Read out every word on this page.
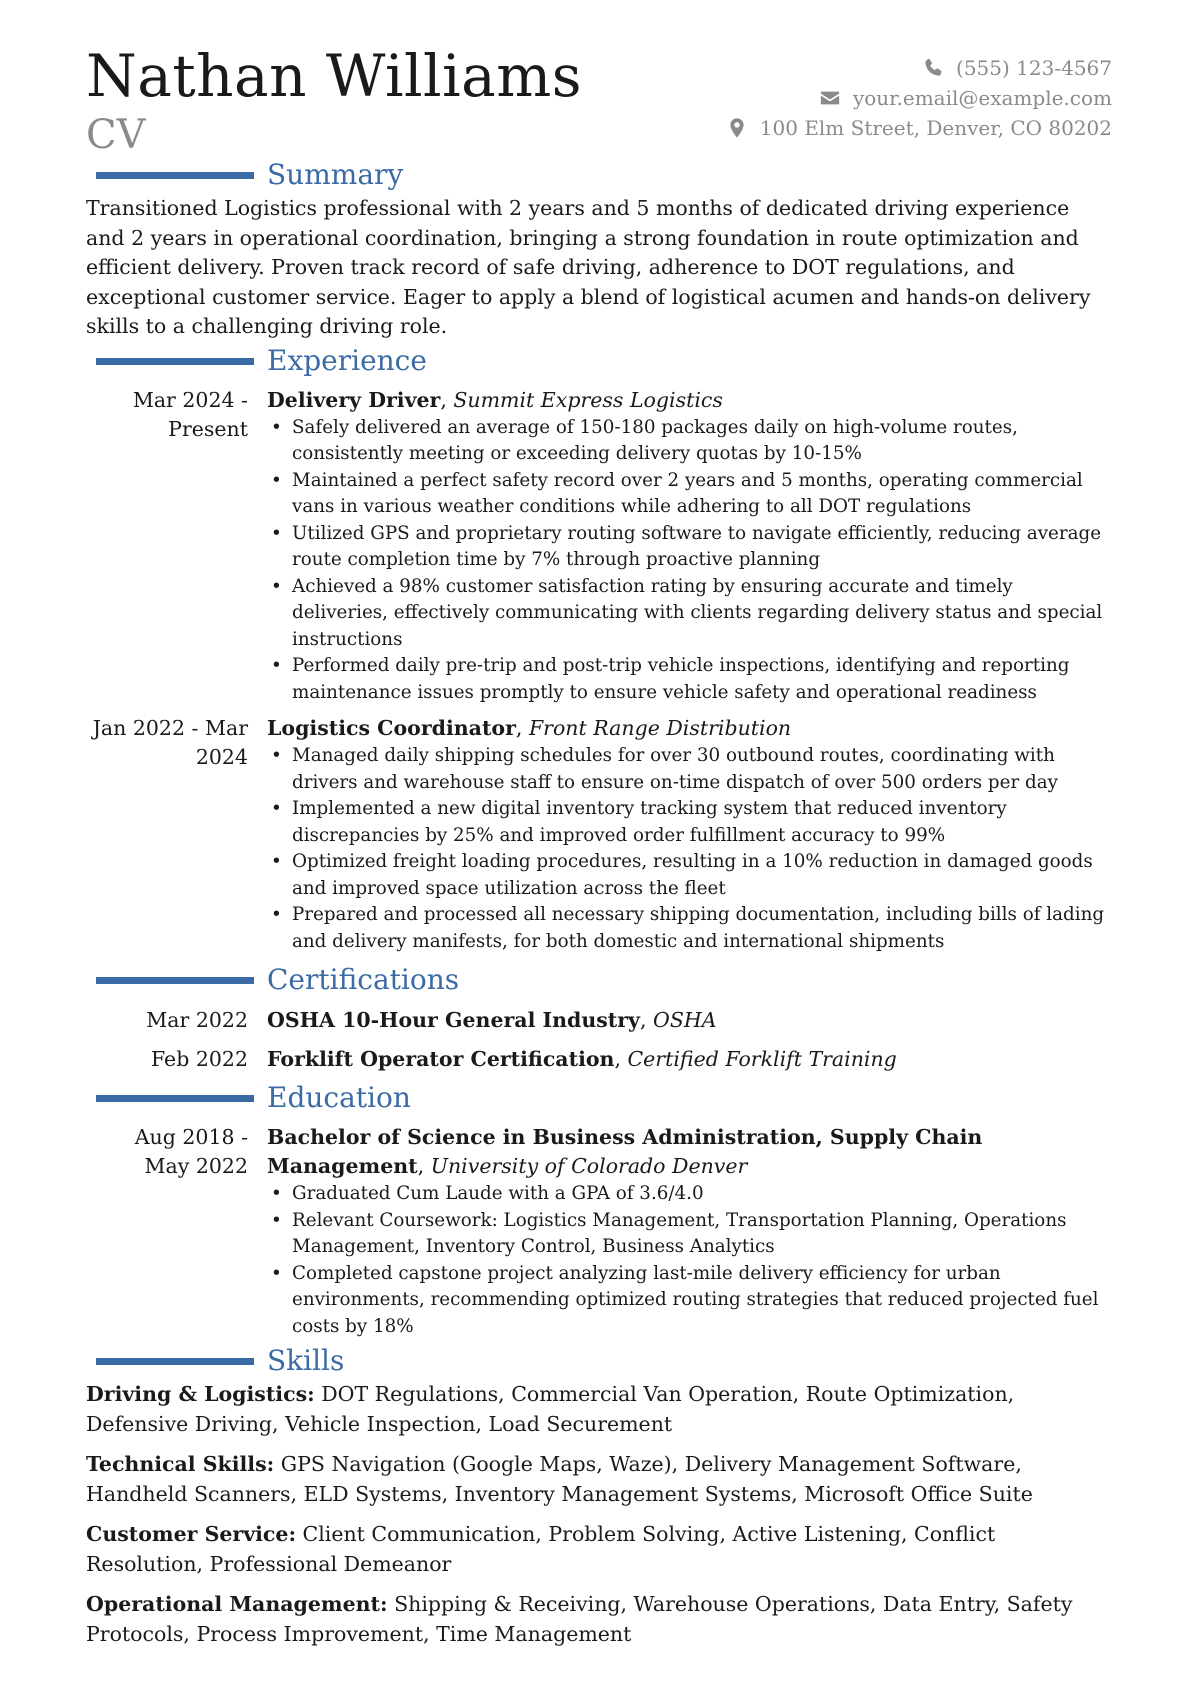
Nathan Williams
CV
(555) 123-4567
your.email@example.com
100 Elm Street, Denver, CO 80202
Summary

Transitioned Logistics professional with 2 years and 5 months of dedicated driving experience and 2 years in operational coordination, bringing a strong foundation in route optimization and efficient delivery. Proven track record of safe driving, adherence to DOT regulations, and exceptional customer service. Eager to apply a blend of logistical acumen and hands-on delivery skills to a challenging driving role.

Experience
Mar 2024 -
Present
Delivery Driver, Summit Express Logistics
• Safely delivered an average of 150-180 packages daily on high-volume routes, consistently meeting or exceeding delivery quotas by 10-15%
• Maintained a perfect safety record over 2 years and 5 months, operating commercial vans in various weather conditions while adhering to all DOT regulations
• Utilized GPS and proprietary routing software to navigate efficiently, reducing average route completion time by 7% through proactive planning
• Achieved a 98% customer satisfaction rating by ensuring accurate and timely deliveries, effectively communicating with clients regarding delivery status and special instructions
• Performed daily pre-trip and post-trip vehicle inspections, identifying and reporting maintenance issues promptly to ensure vehicle safety and operational readiness
Jan 2022 - Mar
2024
Logistics Coordinator, Front Range Distribution
• Managed daily shipping schedules for over 30 outbound routes, coordinating with drivers and warehouse staff to ensure on-time dispatch of over 500 orders per day
• Implemented a new digital inventory tracking system that reduced inventory discrepancies by 25% and improved order fulfillment accuracy to 99%
• Optimized freight loading procedures, resulting in a 10% reduction in damaged goods and improved space utilization across the fleet
• Prepared and processed all necessary shipping documentation, including bills of lading and delivery manifests, for both domestic and international shipments
Certifications
Mar 2022 OSHA 10-Hour General Industry, OSHA
Feb 2022 Forklift Operator Certification, Certified Forklift Training
Education
Aug 2018 -
May 2022
Bachelor of Science in Business Administration, Supply Chain Management, University of Colorado Denver
• Graduated Cum Laude with a GPA of 3.6/4.0
• Relevant Coursework: Logistics Management, Transportation Planning, Operations Management, Inventory Control, Business Analytics
• Completed capstone project analyzing last-mile delivery efficiency for urban environments, recommending optimized routing strategies that reduced projected fuel costs by 18%
Skills

Driving & Logistics: DOT Regulations, Commercial Van Operation, Route Optimization, Defensive Driving, Vehicle Inspection, Load Securement

Technical Skills: GPS Navigation (Google Maps, Waze), Delivery Management Software, Handheld Scanners, ELD Systems, Inventory Management Systems, Microsoft Office Suite

Customer Service: Client Communication, Problem Solving, Active Listening, Conflict Resolution, Professional Demeanor

Operational Management: Shipping & Receiving, Warehouse Operations, Data Entry, Safety Protocols, Process Improvement, Time Management
